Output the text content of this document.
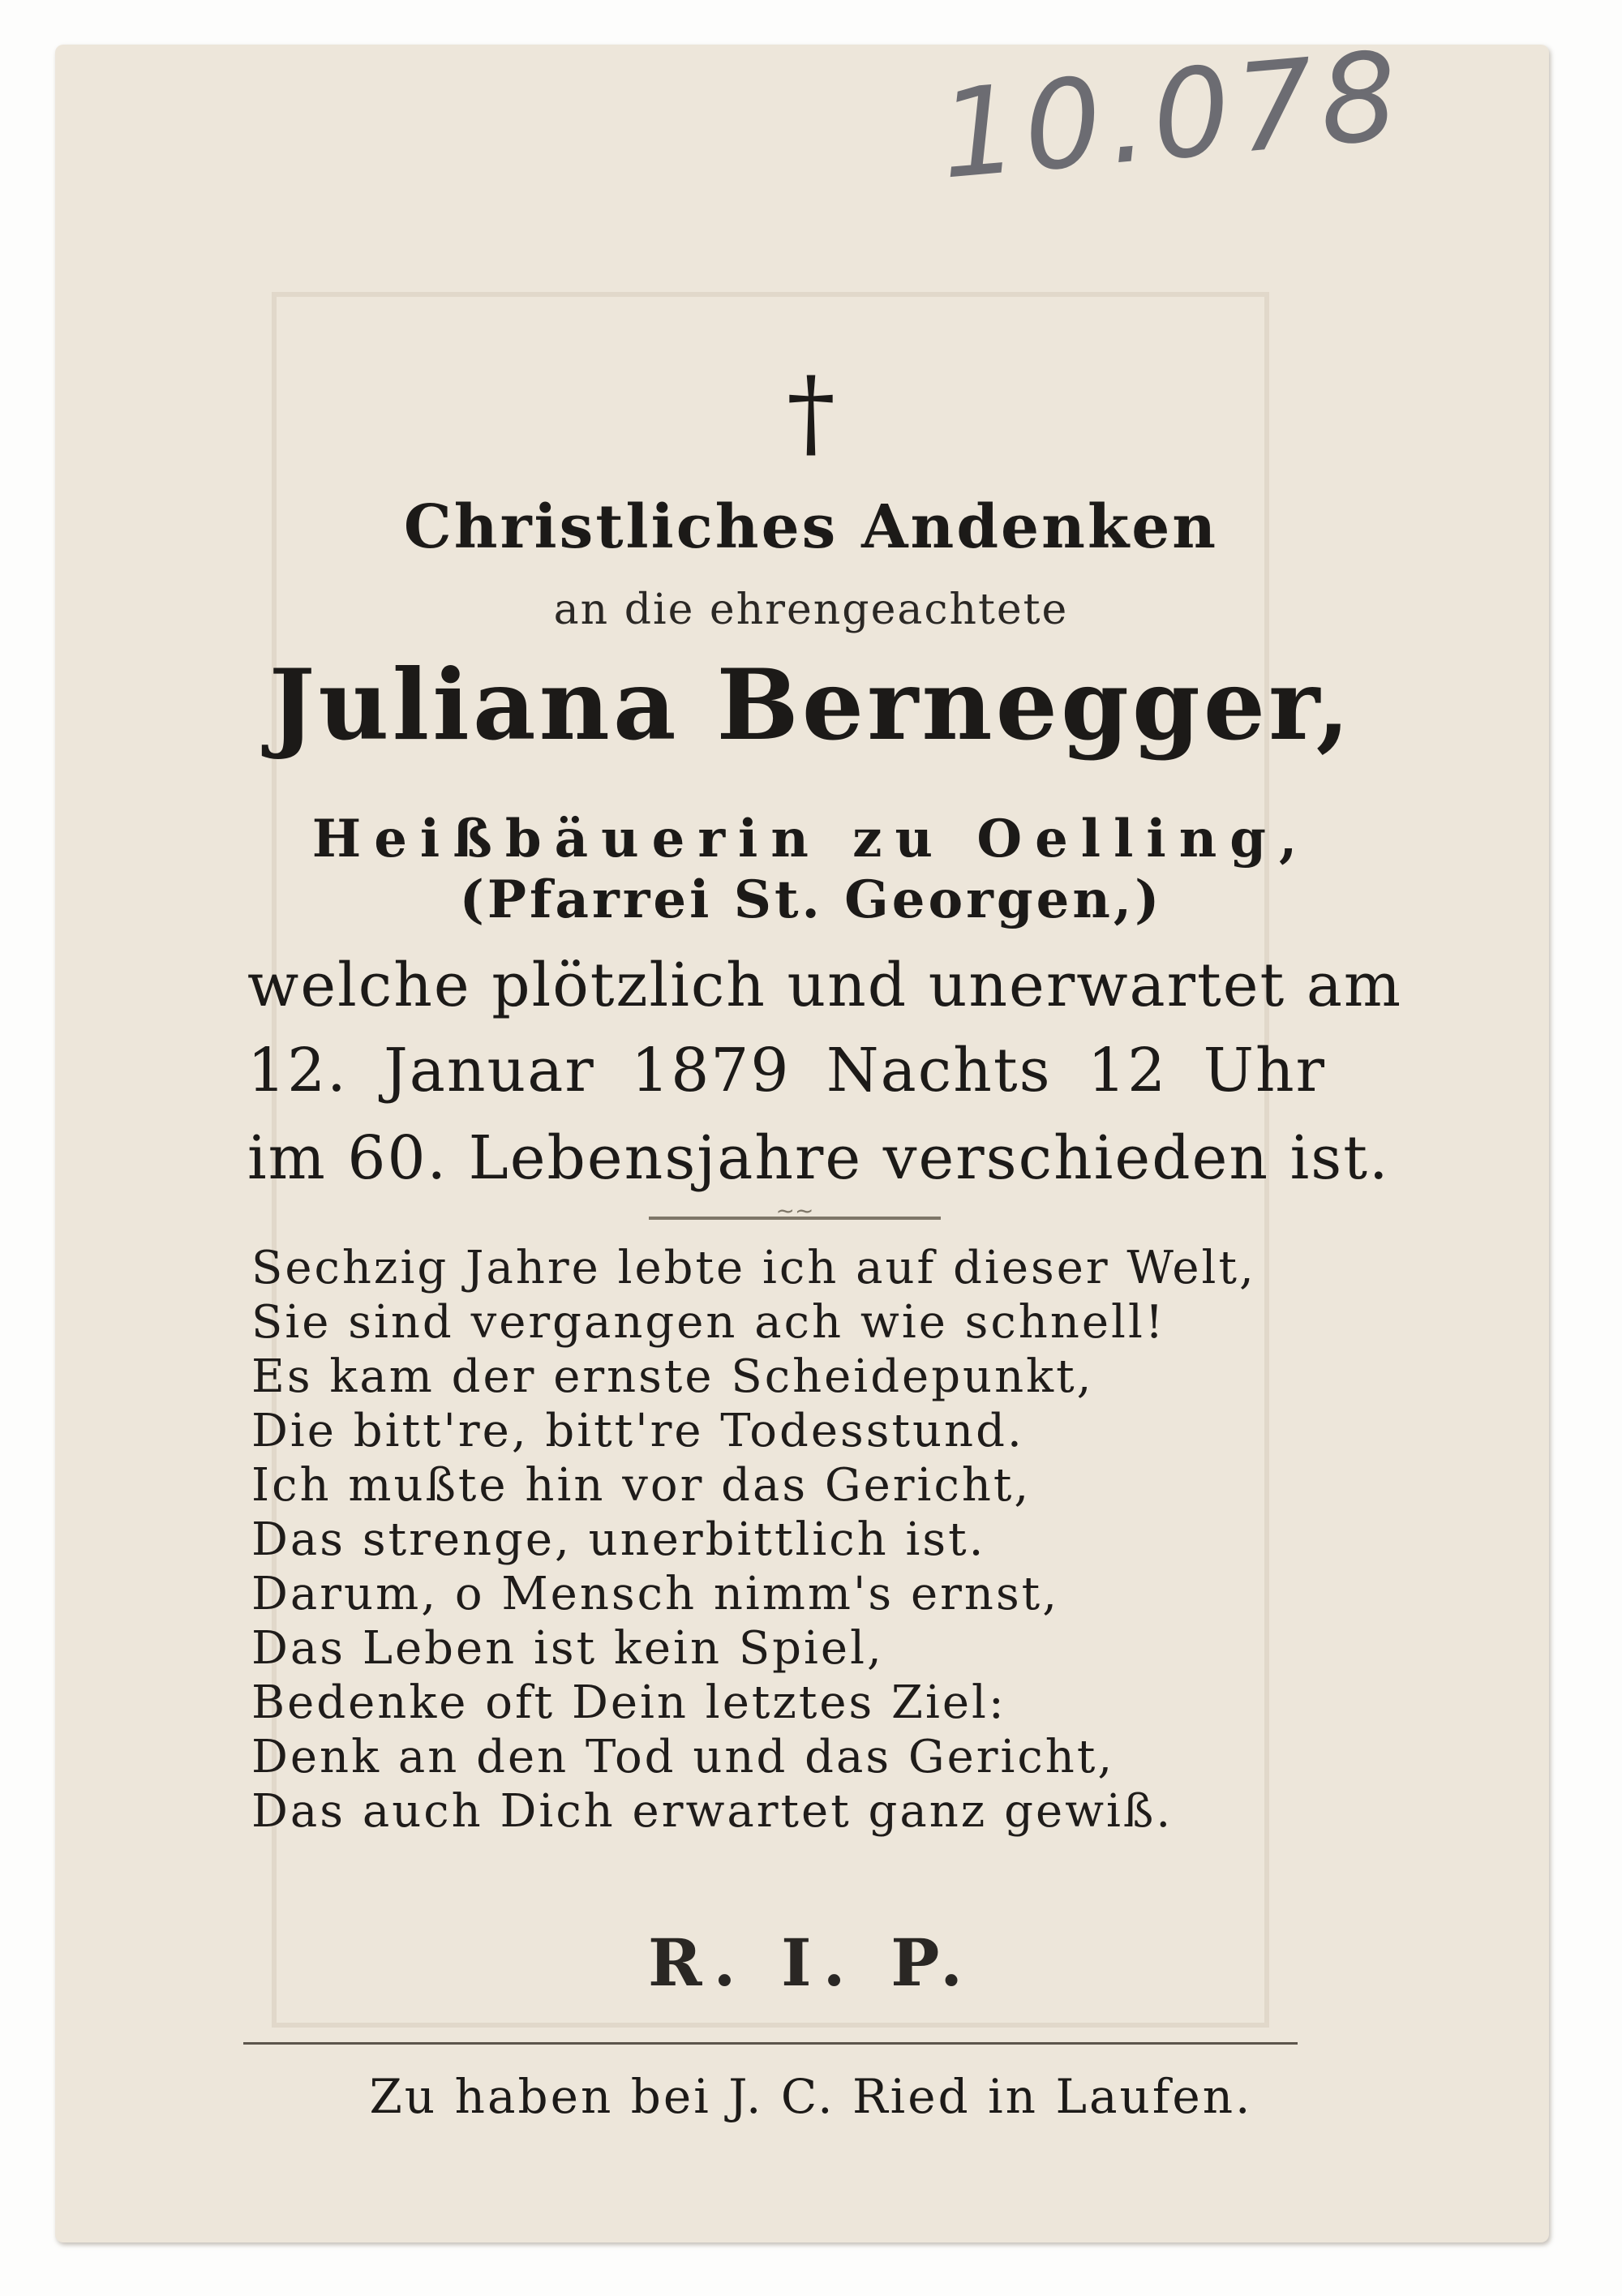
10.078
†
Christliches Andenken
an die ehrengeachtete
Juliana Bernegger,
Heißbäuerin zu Oelling,
(Pfarrei St. Georgen,)
welche plötzlich und unerwartet am
12. Januar 1879 Nachts 12 Uhr
im 60. Lebensjahre verschieden ist.
~~
Sechzig Jahre lebte ich auf dieser Welt,
Sie sind vergangen ach wie schnell!
Es kam der ernste Scheidepunkt,
Die bitt're, bitt're Todesstund.
Ich mußte hin vor das Gericht,
Das strenge, unerbittlich ist.
Darum, o Mensch nimm's ernst,
Das Leben ist kein Spiel,
Bedenke oft Dein letztes Ziel:
Denk an den Tod und das Gericht,
Das auch Dich erwartet ganz gewiß.
R. I. P.
Zu haben bei J. C. Ried in Laufen.
